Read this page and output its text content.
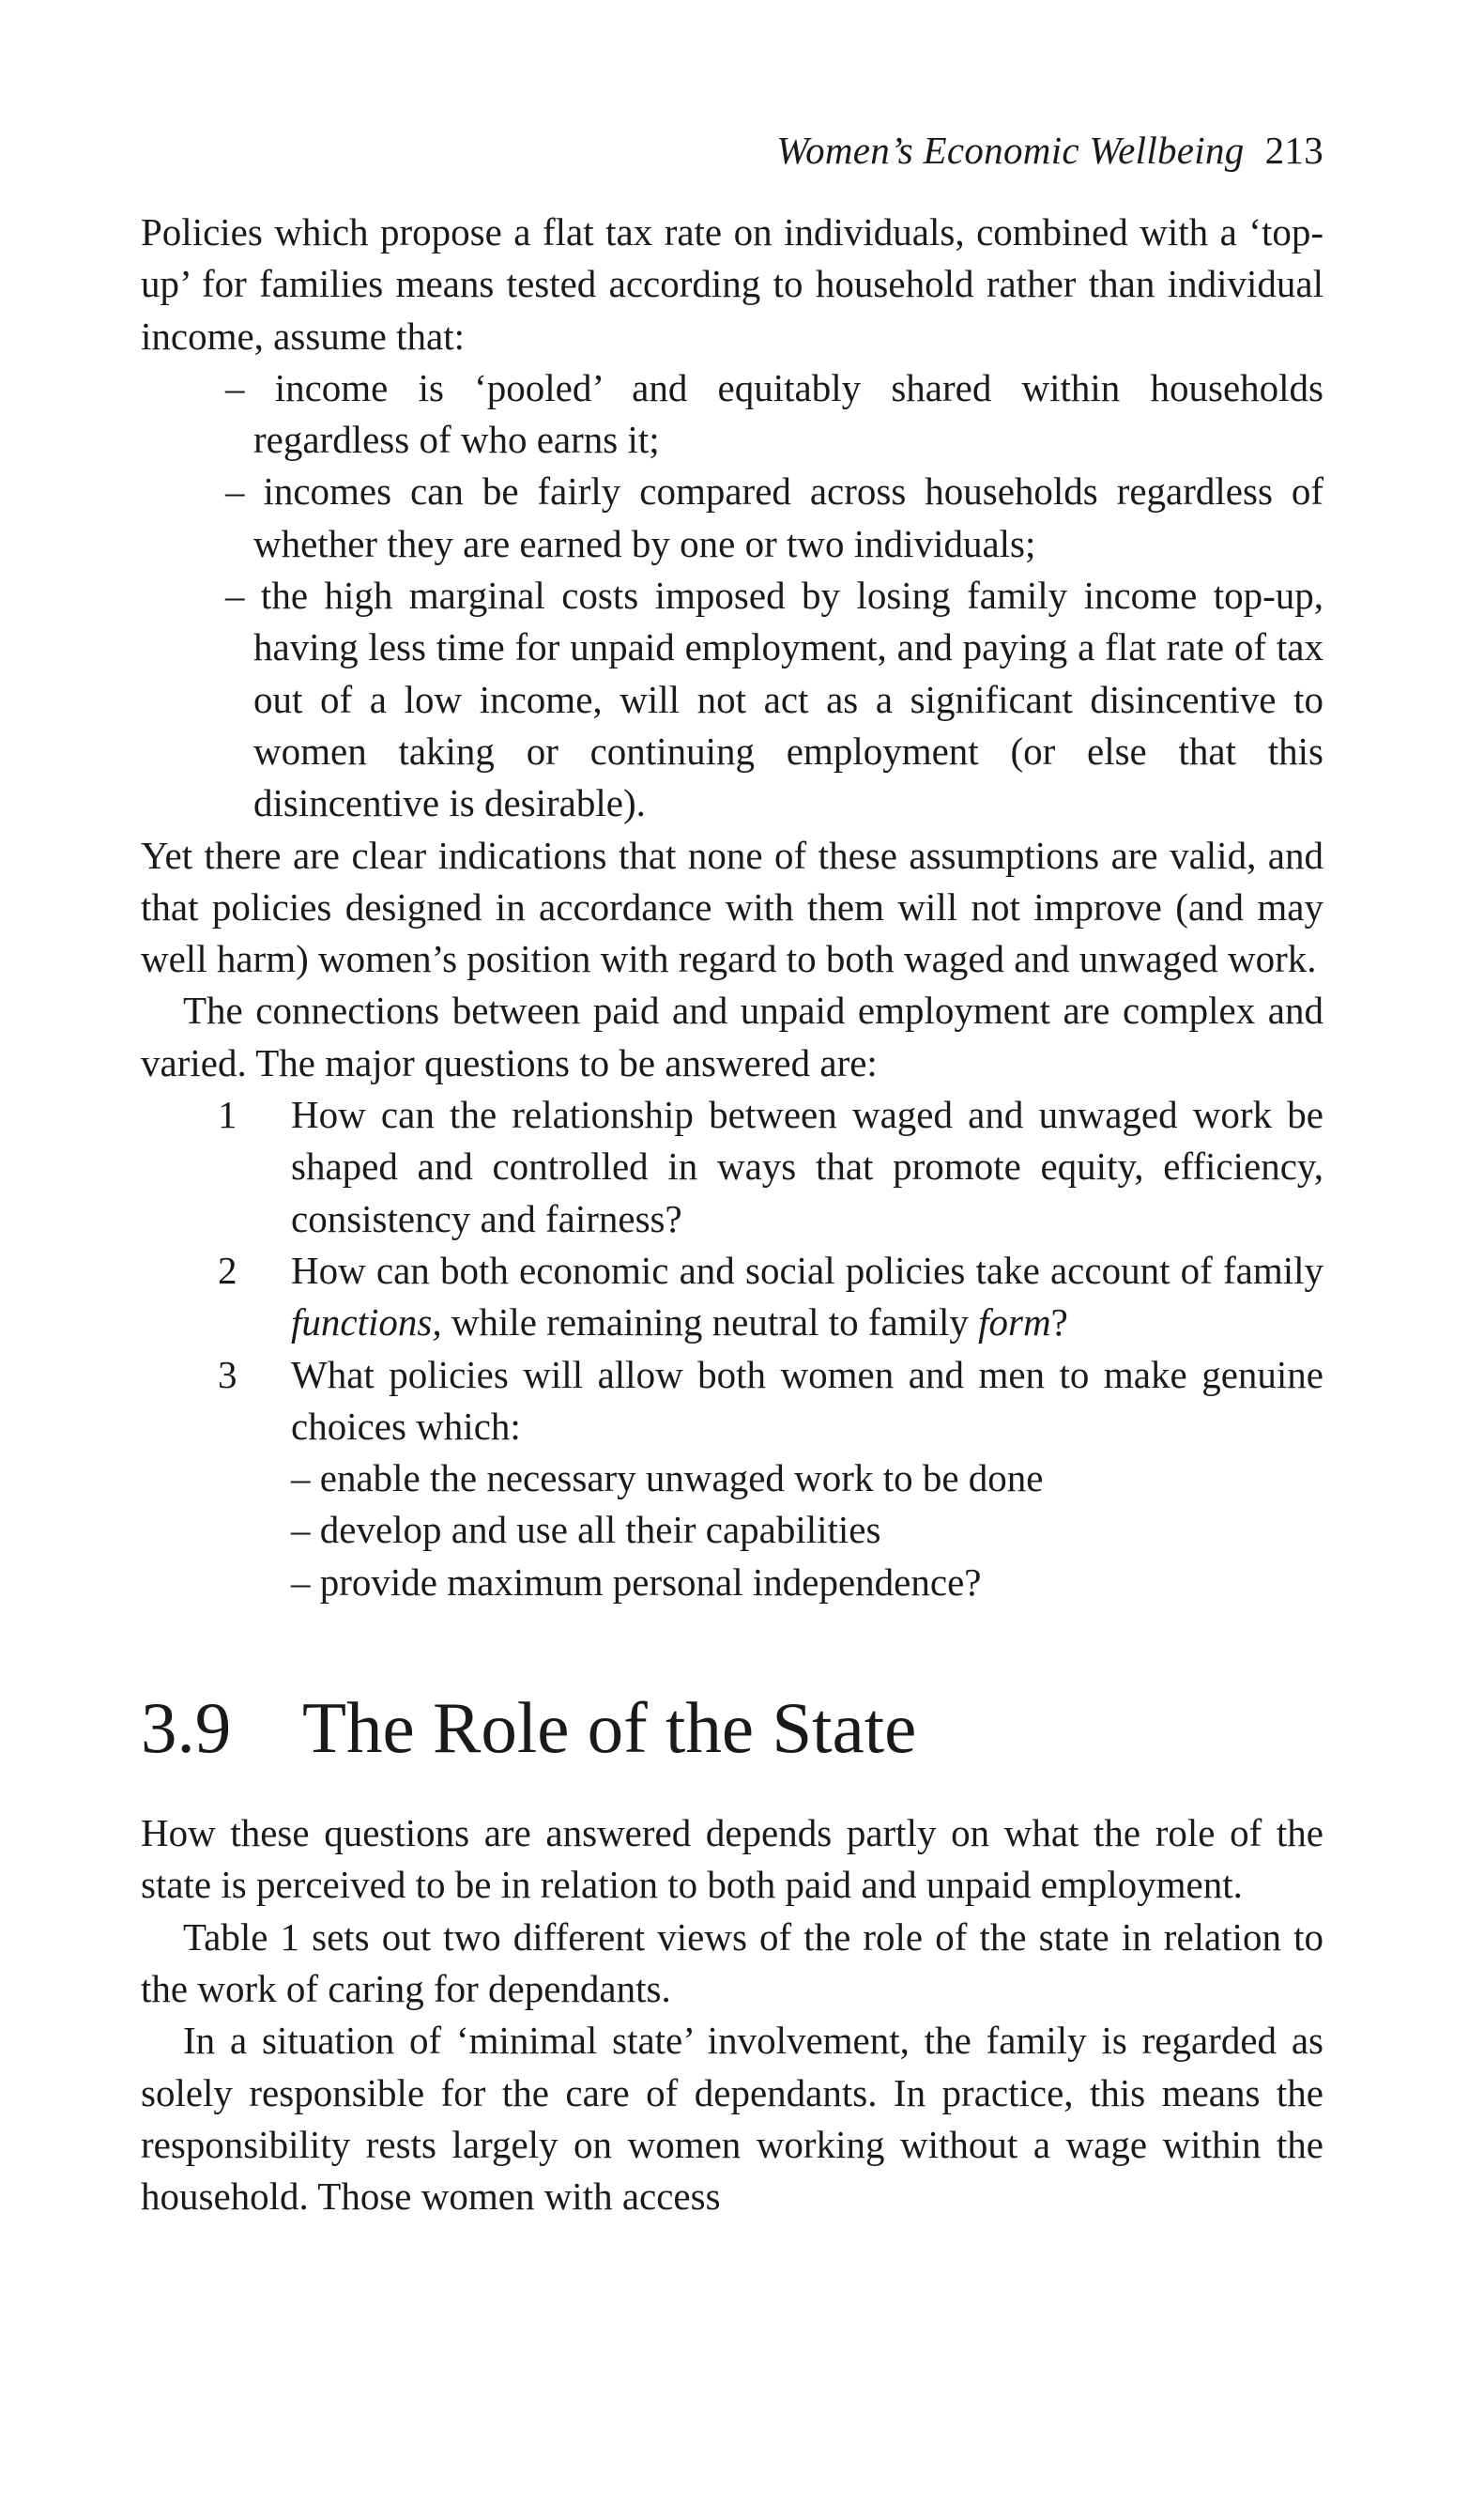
Women’s Economic Wellbeing 213

Policies which propose a flat tax rate on individuals, combined with a ‘top-up’ for families means tested according to household rather than individual income, assume that:

– income is ‘pooled’ and equitably shared within households regardless of who earns it;

– incomes can be fairly compared across households regardless of whether they are earned by one or two individuals;

– the high marginal costs imposed by losing family income top-up, having less time for unpaid employment, and paying a flat rate of tax out of a low income, will not act as a significant disincentive to women taking or continuing employment (or else that this disincentive is desirable).

Yet there are clear indications that none of these assumptions are valid, and that policies designed in accordance with them will not improve (and may well harm) women’s position with regard to both waged and unwaged work.

The connections between paid and unpaid employment are complex and varied. The major questions to be answered are:

1 How can the relationship between waged and unwaged work be shaped and controlled in ways that promote equity, efficiency, consistency and fairness?

2 How can both economic and social policies take account of family functions, while remaining neutral to family form?

3 What policies will allow both women and men to make genuine choices which:

– enable the necessary unwaged work to be done

– develop and use all their capabilities

– provide maximum personal independence?

3.9 The Role of the State

How these questions are answered depends partly on what the role of the state is perceived to be in relation to both paid and unpaid employment.

Table 1 sets out two different views of the role of the state in relation to the work of caring for dependants.

In a situation of ‘minimal state’ involvement, the family is regarded as solely responsible for the care of dependants. In practice, this means the responsibility rests largely on women working without a wage within the household. Those women with access
